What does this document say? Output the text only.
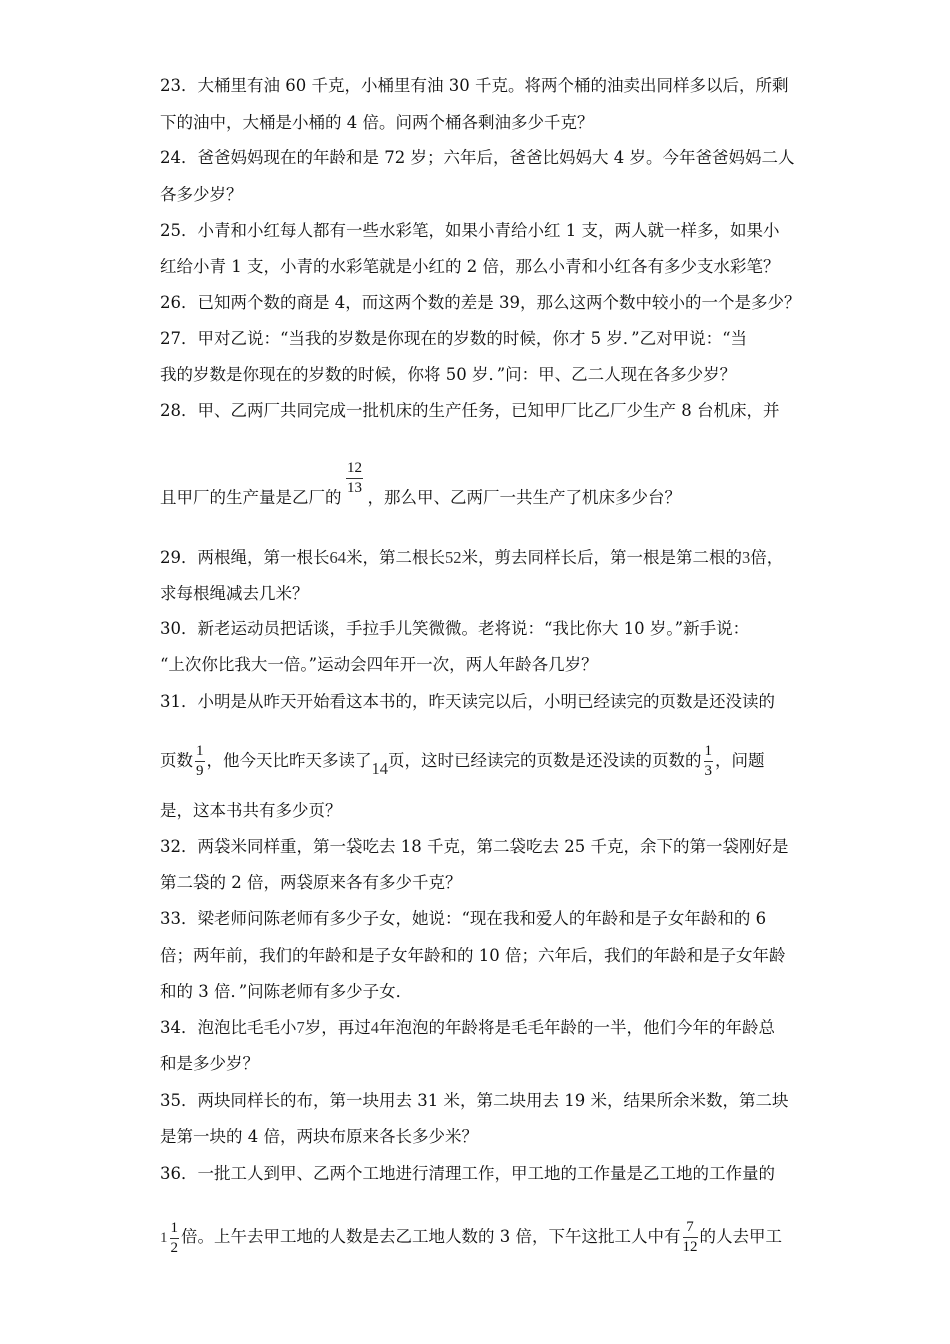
23．大桶里有油 60 千克，小桶里有油 30 千克。将两个桶的油卖出同样多以后，所剩
下的油中，大桶是小桶的 4 倍。问两个桶各剩油多少千克？
24．爸爸妈妈现在的年龄和是 72 岁；六年后，爸爸比妈妈大 4 岁。今年爸爸妈妈二人
各多少岁？
25．小青和小红每人都有一些水彩笔，如果小青给小红 1 支，两人就一样多，如果小
红给小青 1 支，小青的水彩笔就是小红的 2 倍，那么小青和小红各有多少支水彩笔？
26．已知两个数的商是 4，而这两个数的差是 39，那么这两个数中较小的一个是多少？
27．甲对乙说：“当我的岁数是你现在的岁数的时候，你才 5 岁．”乙对甲说：“当
我的岁数是你现在的岁数的时候，你将 50 岁．”问：甲、乙二人现在各多少岁？
28．甲、乙两厂共同完成一批机床的生产任务，已知甲厂比乙厂少生产 8 台机床，并
且甲厂的生产量是乙厂的 ，那么甲、乙两厂一共生产了机床多少台？
$\frac{12}{13}$
29．两根绳，第一根长64米，第二根长52米，剪去同样长后，第一根是第二根的3倍，
求每根绳减去几米？
30．新老运动员把话谈，手拉手儿笑微微。老将说：“我比你大 10 岁。”新手说：
“上次你比我大一倍。”运动会四年开一次，两人年龄各几岁？
31．小明是从昨天开始看这本书的，昨天读完以后，小明已经读完的页数是还没读的
页数 $\frac{1}{9}$ ，他今天比昨天多读了14页，这时已经读完的页数是还没读的页数的 $\frac{1}{3}$ ，问题
是，这本书共有多少页？
32．两袋米同样重，第一袋吃去 18 千克，第二袋吃去 25 千克，余下的第一袋刚好是
第二袋的 2 倍，两袋原来各有多少千克？
33．梁老师问陈老师有多少子女，她说：“现在我和爱人的年龄和是子女年龄和的 6
倍；两年前，我们的年龄和是子女年龄和的 10 倍；六年后，我们的年龄和是子女年龄
和的 3 倍．”问陈老师有多少子女．
34．泡泡比毛毛小7岁，再过4年泡泡的年龄将是毛毛年龄的一半，他们今年的年龄总
和是多少岁？
35．两块同样长的布，第一块用去 31 米，第二块用去 19 米，结果所余米数，第二块
是第一块的 4 倍，两块布原来各长多少米？
36．一批工人到甲、乙两个工地进行清理工作，甲工地的工作量是乙工地的工作量的
$1 \frac{1}{2}$ 倍。上午去甲工地的人数是去乙工地人数的 3 倍，下午这批工人中有 $\frac{7}{12}$ 的人去甲工
